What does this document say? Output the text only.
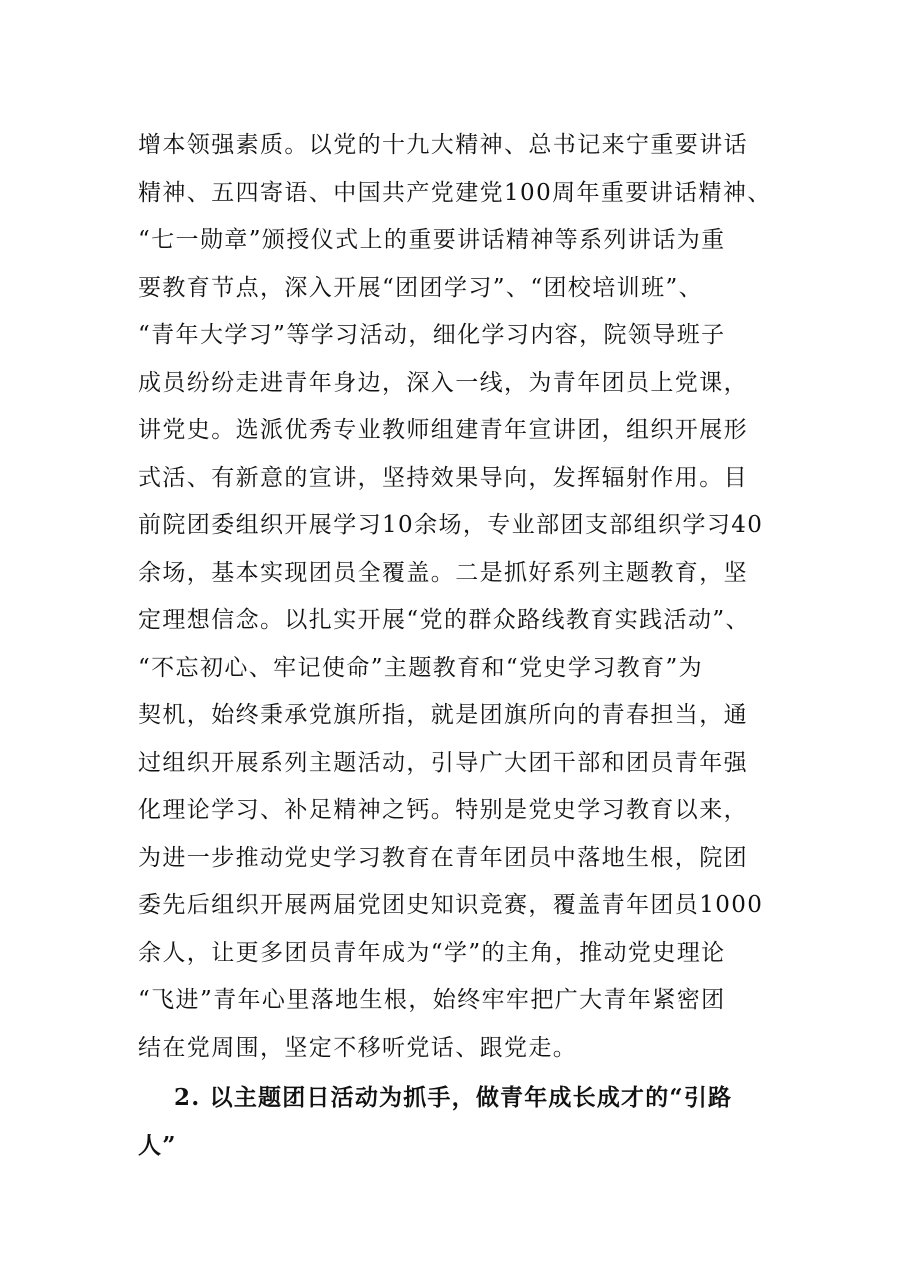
增本领强素质。以党的十九大精神、总书记来宁重要讲话
精神、五四寄语、中国共产党建党100周年重要讲话精神、
“七一勋章”颁授仪式上的重要讲话精神等系列讲话为重
要教育节点，深入开展“团团学习”、“团校培训班”、
“青年大学习”等学习活动，细化学习内容，院领导班子
成员纷纷走进青年身边，深入一线，为青年团员上党课，
讲党史。选派优秀专业教师组建青年宣讲团，组织开展形
式活、有新意的宣讲，坚持效果导向，发挥辐射作用。目
前院团委组织开展学习10余场，专业部团支部组织学习40
余场，基本实现团员全覆盖。二是抓好系列主题教育，坚
定理想信念。以扎实开展“党的群众路线教育实践活动”、
“不忘初心、牢记使命”主题教育和“党史学习教育”为
契机，始终秉承党旗所指，就是团旗所向的青春担当，通
过组织开展系列主题活动，引导广大团干部和团员青年强
化理论学习、补足精神之钙。特别是党史学习教育以来，
为进一步推动党史学习教育在青年团员中落地生根，院团
委先后组织开展两届党团史知识竞赛，覆盖青年团员1000
余人，让更多团员青年成为“学”的主角，推动党史理论
“飞进”青年心里落地生根，始终牢牢把广大青年紧密团
结在党周围，坚定不移听党话、跟党走。
2. 以主题团日活动为抓手，做青年成长成才的“引路
人”
